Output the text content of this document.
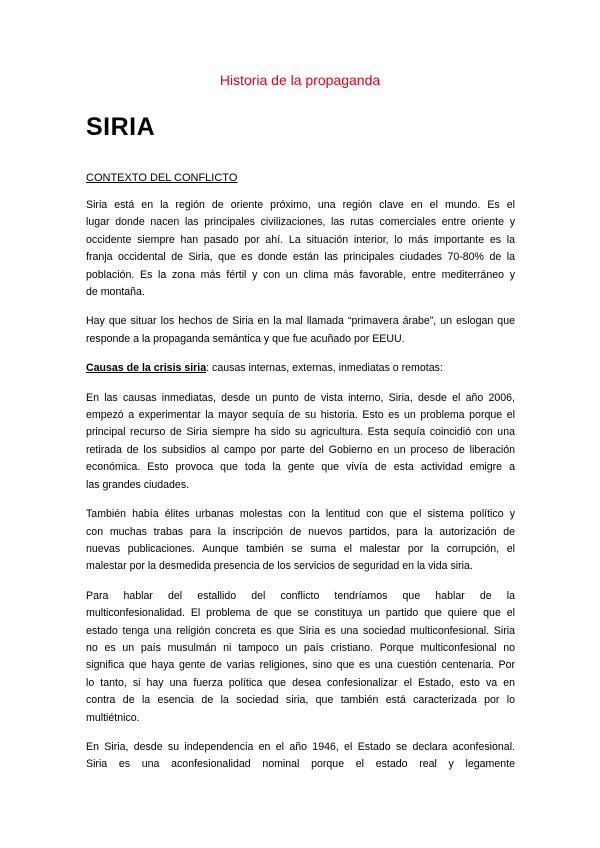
Historia de la propaganda
SIRIA
CONTEXTO DEL CONFLICTO
Siria está en la región de oriente próximo, una región clave en el mundo. Es el
lugar donde nacen las principales civilizaciones, las rutas comerciales entre oriente y
occidente siempre han pasado por ahí. La situación interior, lo más importante es la
franja occidental de Siria, que es donde están las principales ciudades 70-80% de la
población. Es la zona más fértil y con un clima más favorable, entre mediterráneo y
de montaña.
Hay que situar los hechos de Siria en la mal llamada “primavera árabe”, un eslogan que
responde a la propaganda semántica y que fue acuñado por EEUU.
Causas de la crisis siria: causas internas, externas, inmediatas o remotas:
En las causas inmediatas, desde un punto de vista interno, Siria, desde el año 2006,
empezó a experimentar la mayor sequía de su historia. Esto es un problema porque el
principal recurso de Siria siempre ha sido su agricultura. Esta sequía coincidió con una
retirada de los subsidios al campo por parte del Gobierno en un proceso de liberación
económica. Esto provoca que toda la gente que vivía de esta actividad emigre a
las grandes ciudades.
También había élites urbanas molestas con la lentitud con que el sistema político y
con muchas trabas para la inscripción de nuevos partidos, para la autorización de
nuevas publicaciones. Aunque también se suma el malestar por la corrupción, el
malestar por la desmedida presencia de los servicios de seguridad en la vida siria.
Para hablar del estallido del conflicto tendríamos que hablar de la
multiconfesionalidad. El problema de que se constituya un partido que quiere que el
estado tenga una religión concreta es que Siria es una sociedad multiconfesional. Siria
no es un país musulmán ni tampoco un país cristiano. Porque multiconfesional no
significa que haya gente de varias religiones, sino que es una cuestión centenaria. Por
lo tanto, si hay una fuerza política que desea confesionalizar el Estado, esto va en
contra de la esencia de la sociedad siria, que también está caracterizada por lo
multiétnico.
En Siria, desde su independencia en el año 1946, el Estado se declara aconfesional.
Siria es una aconfesionalidad nominal porque el estado real y legamente
